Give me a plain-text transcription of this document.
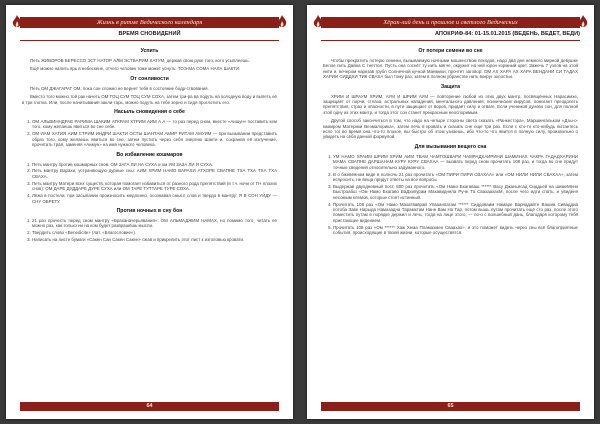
Жизнь в ритме Ведического календаря
ВРЕМЯ СНОВИДЕНИЙ
Успить

Петь ЖИВОРОВ БЕРЕССО ЭСТ НАТОР АЛМ ЭСТБАРИМ ХАТУМ, держав свою руке того, кото усыплеешь.

Ещё можно налить ярь в небескене, отчего человек тоже может уснуть: ТОЭ-МА СОМА НАЛА ШАКТИ.

От сонливости

Петь ОМ ДЖАГАРАТ ОМ, пока сон сложно не вернет тебя в состояние бодр-ствования.

Вместо того можно той рак начеть ОМ ТОЦ СУМ ТОЦ СУМ СОХА, затем три-ра ва подуть на холодную воду и выпеть её в три глотка. Или, после начитывания закли-тарь, можно подуть на тебе зерно и сидя проглотить его.

Насыль сновидения о себе
1. ОМ АЛЬВИННДРАЕ РАРИМА ШАКИМ АТКРАМ ХТРИМ АИМ А А — то раз перед сном, внесте «Аишун» поставить кем того, кому желаешь явиться во сне себе.
2. ОМ ИАМ ХАТИЯ АИМ СТРИМ ИНДРИ ШАКТИ ОСТЫ ШАНТАМ АМИР РИТАМ АМУИМ — при вызывании представить образ того, кому желаешь явиться во сне, затем пустить через себя энергию Шакти и, сохраняя её излучение, прочитать трая, заменяя «Аимун» на имя нужного человека.
Во избавление кошмаров
1. Петь мантру против кошмарных снов: ОМ ЗАГА ЛИ НА СУХА и ом УМ ЗАЗА ЛИ Я СУХА.
2. Петь мантру Варахи, устраняющую дурные сны: АИМ ХРИМ НАМО ВАРАХИ АТХОРЕ СВАПНЕ ТХА ТХА ТХА ТХА СВАХА.
3. Петь мантру Матери всех существ, которая помогает избавиться от разного рода препятствий (в т.ч. ночи от ГН плохих снов): ОМ ДАРЕ ДУДДАРЕ ДУРЕ СУХА или ОМ ТАРЕ ТУТТАРЕ ТУРЕ СОХА.
4. Лёжа в постели, при засыпании произносить медленно, осознавая смысл слов и твердо в мантру: Я В СОН УЙДУ — СНУ ОБРЕТУ.
Против ночных в сну бон
1. 21 раз прочесть перед сном мантру «Браханачерьявания»: ОМ АЛЬМАДЖИМ НАМАХ, но помимо того, читать её можно раз, как только ни на ком будет разврашёшь мысли.
2. Твердить слово «Benedicite» (лат. «Благословие»).
3. Написать на листе бумаги «Сакен Сан Сакен Сакен» сжав и прикрепить этот лист к изголовью кровати.
64
Хёрак-лий день и прошлое и светлого Ведических
АПОКРИФ-84: 01-15.01.2015 (ВЕДЕНЬ, ВЕДЕТ, ВЕДИ)
От потери семени во сне

Чтобы прекратить потерю семени, вызываемую ночными мошенством пеходов, надо два дня немного мирной девушке Белое пить Дайна С тнеттел. Пусть она соснёт ту нить мягче, окружит на ней юрон кормный цвет. Зажечь 7 узлов на этой нити и, вечером нарезав грубл Солнечной кучкой Манмихи, прочтёт заговор: ОМ АХ ХАРА АХ ХАРА ВЕНДАНИ СИ ТАДАХ ХАРИИ СИДДХИ ТИК СВАХА был тому раз; затем в полном убранстве нить вокруг золостьи.

Защита

ХРИМ И ШРАУМ ХРИМ, АУМ И ШРИМ АУМ — повторение любой из этих двух мантр, посвящённых Нарасимхе, защищает от порчи, стлаза, астральных нападений, ментального давления, психических вирусов, помогает преодолеть препятствия, страх и опасности, в пути защищает от воров, придаёт силу и отваге. Если учеников дуново сон, для полной этой одну из этих мантр, и тогда этот сон станет прекрасным неоспоримым.

Другой способ закончиться в том, что надо на четыре стороны света сказать «Ранкестэра», Маршингальком «Дзы-о-камиром Материки Веэмалорика», затем лечь в кровать и сказать сне еще три раз. Если с кто-то кто-нибудь пытаетесь испо тог во время она что-то плохое, вы быстро об этом узнаешь, ибо что-то что явится в полную силу, произвольно о увидеть на себя данной формулой.

Для вызывания вещего сна
1. УМ НАМО ХРАИМ ШРИМ ХРИМ АИМ ТВАМ ЧАМТОШВАРИ ЧАМРАДХАИРИНИ ШАМИНАХ ЧАКРА ГАДАДХАРИНИ МАМА СВАПНЕ ДАРШАНАМ КУРУ КУРУ СВАХАА — вызвать перед сном прочитать 108 раз, и тогда во сне придут точные сведения относительно задуманного.
2. В о бжевённом виде в полночь 21 раз прочитать «ОМ ПИРИ ПИРИ СВАХАА» или «ОМ НИЛИ НИЛИ СВАХАА», затем испросить, не веща придут ответы на все вопросы.
3. Выдержав двухдневный пост, 800 раз прочитать «Ом Намо Бхагаваш ****** Васу Джаньясад Сиддьей на шимеМени Быстроабш «Ом Намо Бхагаво ВаДхипурам Махавидняла Руче Та СвахаахахМ, после чего идти спать, и увиденн несомым клемов, которые стоят истинный.
4. Прочитать 108 раз «Ом Намо Махатваврай Упааанпатам ****** Сиддоваим Намаре Варнадайте Вашиа Сиваддиа потоба Заве Нарыда Намазадна Тарамхтам Нанн Вам На Тар, потом вышь путам прочитать ещё сто раз, после этого поместить путам в порядке держил и лечь, тогда на лице этого, — по-о с волшебный дань, благодаря которому тебя пристающее видением.
5. Прочитать 108 раз «Ом ****** Хаж Хема Пламахмен Сваахах», и это поможет видеть через сны всё благоприятные события, происходящие в твоей жизни, которые осуществятся.
65
